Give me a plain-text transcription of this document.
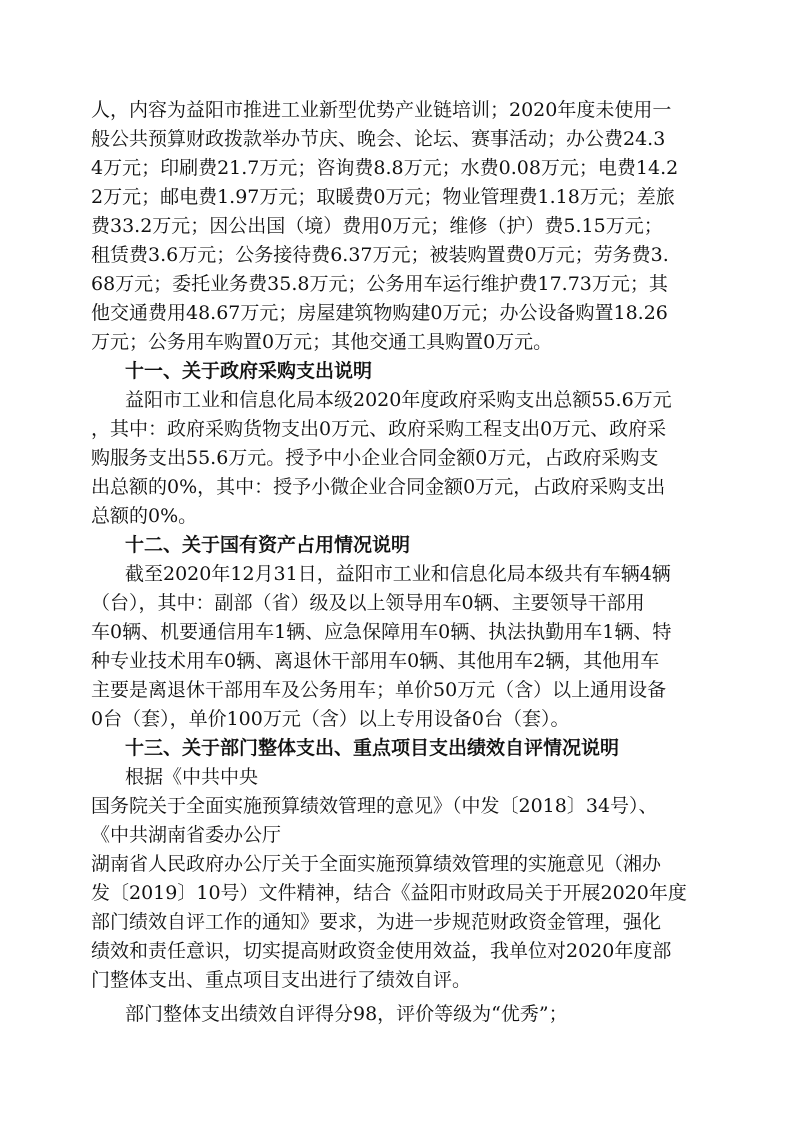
人，内容为益阳市推进工业新型优势产业链培训；2020年度未使用一
般公共预算财政拨款举办节庆、晚会、论坛、赛事活动；办公费24.3
4万元；印刷费21.7万元；咨询费8.8万元；水费0.08万元；电费14.2
2万元；邮电费1.97万元；取暖费0万元；物业管理费1.18万元；差旅
费33.2万元；因公出国（境）费用0万元；维修（护）费5.15万元；
租赁费3.6万元；公务接待费6.37万元；被装购置费0万元；劳务费3.
68万元；委托业务费35.8万元；公务用车运行维护费17.73万元；其
他交通费用48.67万元；房屋建筑物购建0万元；办公设备购置18.26
万元；公务用车购置0万元；其他交通工具购置0万元。
十一、关于政府采购支出说明
益阳市工业和信息化局本级2020年度政府采购支出总额55.6万元
，其中：政府采购货物支出0万元、政府采购工程支出0万元、政府采
购服务支出55.6万元。授予中小企业合同金额0万元，占政府采购支
出总额的0%，其中：授予小微企业合同金额0万元，占政府采购支出
总额的0%。
十二、关于国有资产占用情况说明
截至2020年12月31日，益阳市工业和信息化局本级共有车辆4辆
（台），其中：副部（省）级及以上领导用车0辆、主要领导干部用
车0辆、机要通信用车1辆、应急保障用车0辆、执法执勤用车1辆、特
种专业技术用车0辆、离退休干部用车0辆、其他用车2辆，其他用车
主要是离退休干部用车及公务用车；单价50万元（含）以上通用设备
0台（套），单价100万元（含）以上专用设备0台（套）。
十三、关于部门整体支出、重点项目支出绩效自评情况说明
根据《中共中央
国务院关于全面实施预算绩效管理的意见》（中发〔2018〕34号）、
《中共湖南省委办公厅
湖南省人民政府办公厅关于全面实施预算绩效管理的实施意见（湘办
发〔2019〕10号）文件精神，结合《益阳市财政局关于开展2020年度
部门绩效自评工作的通知》要求，为进一步规范财政资金管理，强化
绩效和责任意识，切实提高财政资金使用效益，我单位对2020年度部
门整体支出、重点项目支出进行了绩效自评。
部门整体支出绩效自评得分98，评价等级为“优秀”；
